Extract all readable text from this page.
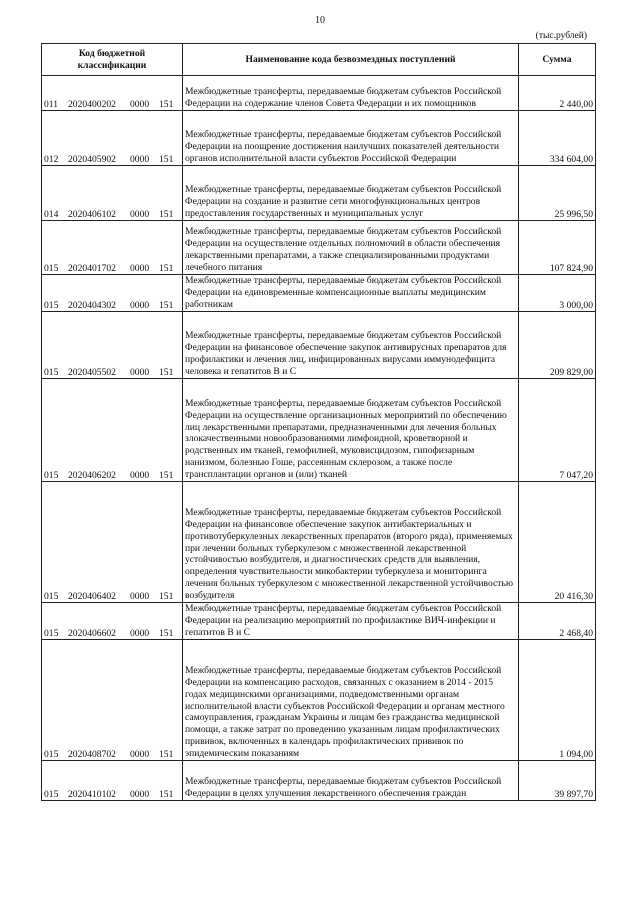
10
(тыс.рублей)
Код бюджетной классификации	Наименование кода безвозмездных поступлений	Сумма
011 2020400202 0000 151	Межбюджетные трансферты, передаваемые бюджетам субъектов Российской Федерации на содержание членов Совета Федерации и их помощников	2 440,00
012 2020405902 0000 151	Межбюджетные трансферты, передаваемые бюджетам субъектов Российской Федерации на поощрение достижения наилучших показателей деятельности органов исполнительной власти субъектов Российской Федерации	334 604,00
014 2020406102 0000 151	Межбюджетные трансферты, передаваемые бюджетам субъектов Российской Федерации на создание и развитие сети многофункциональных центров предоставления государственных и муниципальных услуг	25 996,50
015 2020401702 0000 151	Межбюджетные трансферты, передаваемые бюджетам субъектов Российской Федерации на осуществление отдельных полномочий в области обеспечения лекарственными препаратами, а также специализированными продуктами лечебного питания	107 824,90
015 2020404302 0000 151	Межбюджетные трансферты, передаваемые бюджетам субъектов Российской Федерации на единовременные компенсационные выплаты медицинским работникам	3 000,00
015 2020405502 0000 151	Межбюджетные трансферты, передаваемые бюджетам субъектов Российской Федерации на финансовое обеспечение закупок антивирусных препаратов для профилактики и лечения лиц, инфицированных вирусами иммунодефицита человека и гепатитов В и С	209 829,00
015 2020406202 0000 151	Межбюджетные трансферты, передаваемые бюджетам субъектов Российской Федерации на осуществление организационных мероприятий по обеспечению лиц лекарственными препаратами, предназначенными для лечения больных злокачественными новообразованиями лимфоидной, кроветворной и родственных им тканей, гемофилией, муковисцидозом, гипофизарным нанизмом, болезнью Гоше, рассеянным склерозом, а также после трансплантации органов и (или) тканей	7 047,20
015 2020406402 0000 151	Межбюджетные трансферты, передаваемые бюджетам субъектов Российской Федерации на финансовое обеспечение закупок антибактериальных и противотуберкулезных лекарственных препаратов (второго ряда), применяемых при лечении больных туберкулезом с множественной лекарственной устойчивостью возбудителя, и диагностических средств для выявления, определения чувствительности микобактерии туберкулеза и мониторинга лечения больных туберкулезом с множественной лекарственной устойчивостью возбудителя	20 416,30
015 2020406602 0000 151	Межбюджетные трансферты, передаваемые бюджетам субъектов Российской Федерации на реализацию мероприятий по профилактике ВИЧ-инфекции и гепатитов В и С	2 468,40
015 2020408702 0000 151	Межбюджетные трансферты, передаваемые бюджетам субъектов Российской Федерации на компенсацию расходов, связанных с оказанием в 2014 - 2015 годах медицинскими организациями, подведомственными органам исполнительной власти субъектов Российской Федерации и органам местного самоуправления, гражданам Украины и лицам без гражданства медицинской помощи, а также затрат по проведению указанным лицам профилактических прививок, включенных в календарь профилактических прививок по эпидемическим показаниям	1 094,00
015 2020410102 0000 151	Межбюджетные трансферты, передаваемые бюджетам субъектов Российской Федерации в целях улучшения лекарственного обеспечения граждан	39 897,70
